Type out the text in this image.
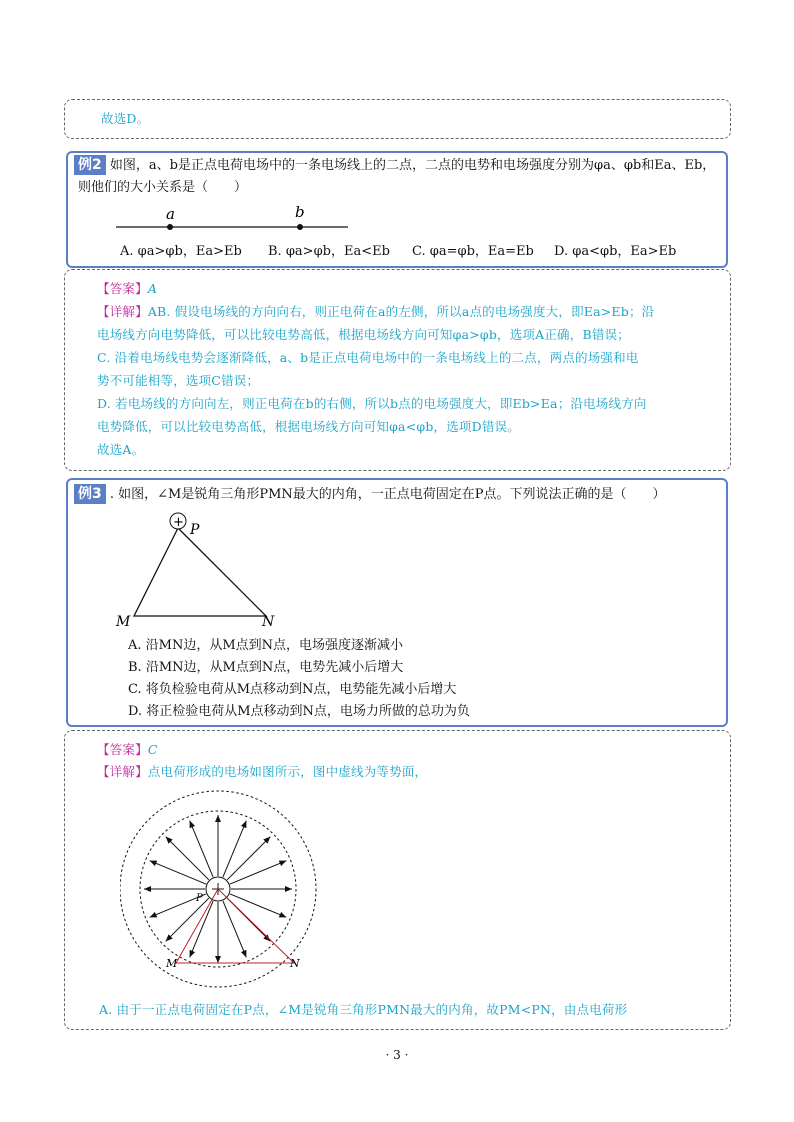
故选D。
例2 如图，a、b是正点电荷电场中的一条电场线上的二点，二点的电势和电场强度分别为φa、φb和Ea、Eb，
则他们的大小关系是（　　）
a	b
A. φa>φb，Ea>Eb B. φa>φb，Ea<Eb C. φa=φb，Ea=Eb D. φa<φb，Ea>Eb
【答案】A
【详解】AB. 假设电场线的方向向右，则正电荷在a的左侧，所以a点的电场强度大，即Ea>Eb；沿
电场线方向电势降低，可以比较电势高低，根据电场线方向可知φa>φb，选项A正确，B错误；
C. 沿着电场线电势会逐渐降低，a、b是正点电荷电场中的一条电场线上的二点，两点的场强和电
势不可能相等，选项C错误；
D. 若电场线的方向向左，则正电荷在b的右侧，所以b点的电场强度大，即Eb>Ea；沿电场线方向
电势降低，可以比较电势高低，根据电场线方向可知φa<φb，选项D错误。
故选A。
例3 . 如图，∠M是锐角三角形PMN最大的内角，一正点电荷固定在P点。下列说法正确的是（　　）
+ P
M	N
A. 沿MN边，从M点到N点，电场强度逐渐减小
B. 沿MN边，从M点到N点，电势先减小后增大
C. 将负检验电荷从M点移动到N点，电势能先减小后增大
D. 将正检验电荷从M点移动到N点，电场力所做的总功为负
【答案】C
【详解】点电荷形成的电场如图所示，图中虚线为等势面，
P
M	N
A. 由于一正点电荷固定在P点，∠M是锐角三角形PMN最大的内角，故PM<PN，由点电荷形
· 3 ·
